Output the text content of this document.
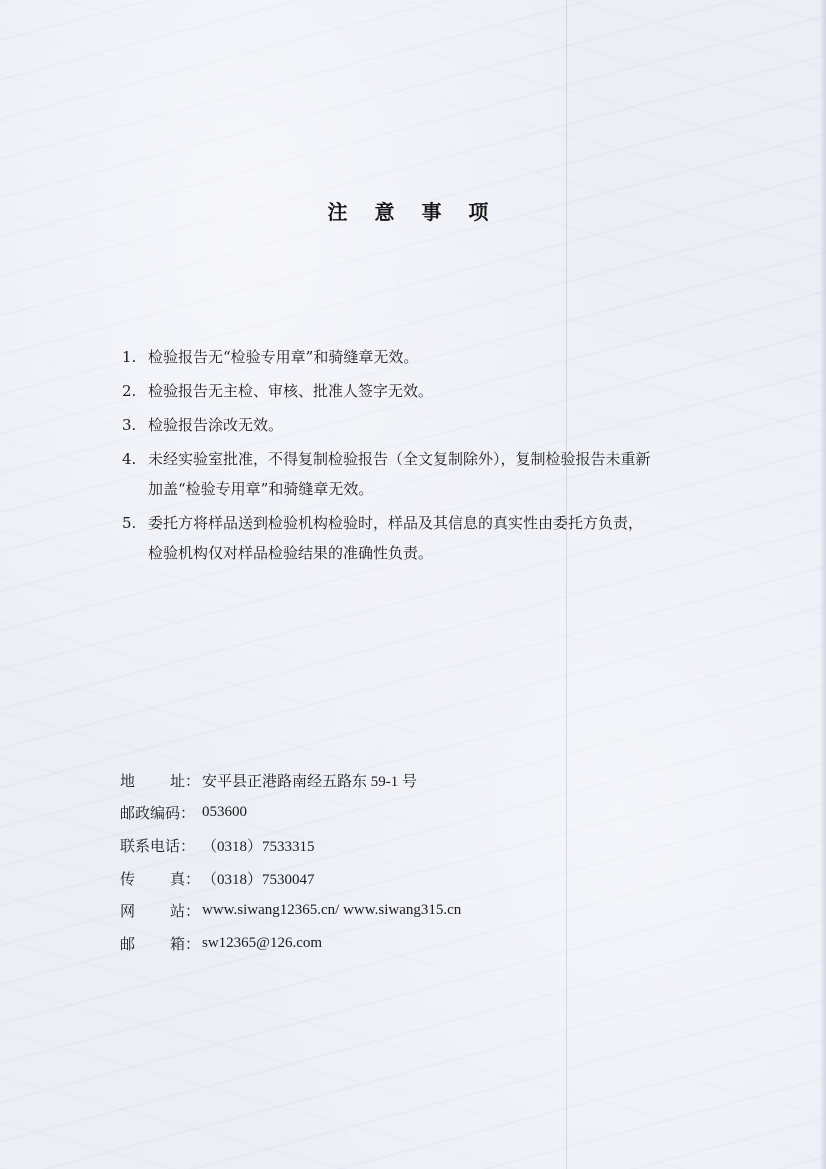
注 意 事 项
1. 检验报告无“检验专用章”和骑缝章无效。
2. 检验报告无主检、审核、批准人签字无效。
3. 检验报告涂改无效。
4. 未经实验室批准，不得复制检验报告（全文复制除外），复制检验报告未重新
加盖“检验专用章”和骑缝章无效。
5. 委托方将样品送到检验机构检验时，样品及其信息的真实性由委托方负责，
检验机构仅对样品检验结果的准确性负责。
地 址 ： 安平县正港路南经五路东 59-1 号
邮政编码 ： 053600
联系电话 ： （0318）7533315
传 真 ： （0318）7530047
网 站 ： www.siwang12365.cn/ www.siwang315.cn
邮 箱 ： sw12365@126.com
